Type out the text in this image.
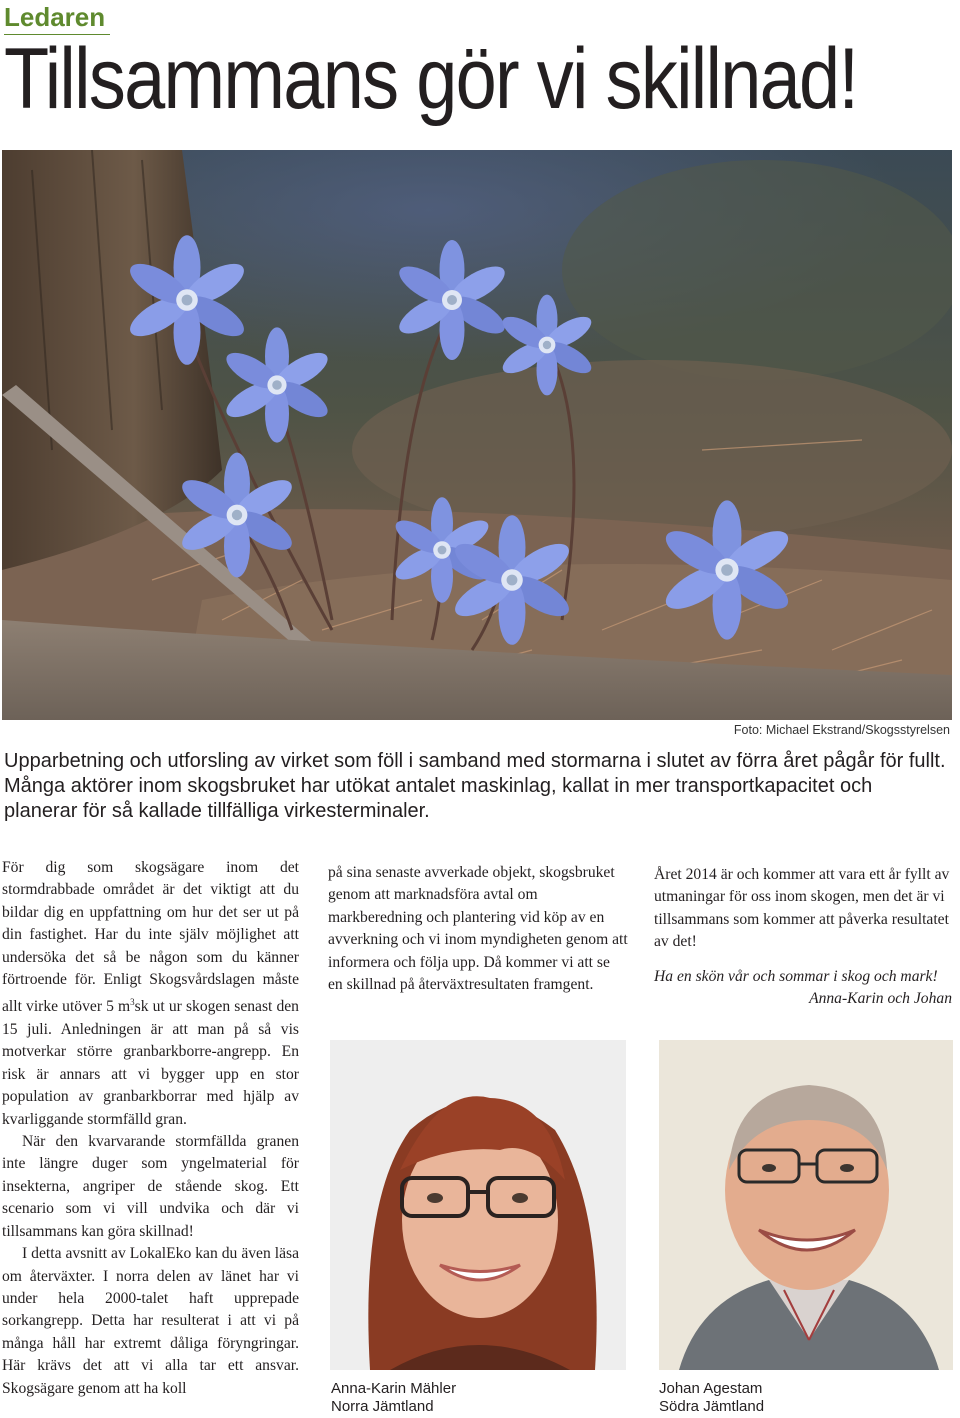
Ledaren
Tillsammans gör vi skillnad!
Foto: Michael Ekstrand/Skogsstyrelsen

Upparbetning och utforsling av virket som föll i samband med stormarna i slutet av förra året pågår för fullt. Många aktörer inom skogsbruket har utökat antalet maskinlag, kallat in mer transportkapacitet och planerar för så kallade tillfälliga virkesterminaler.

För dig som skogsägare inom det stormdrabbade området är det viktigt att du bildar dig en uppfattning om hur det ser ut på din fastighet. Har du inte själv möjlighet att undersöka det så be någon som du känner förtroende för. Enligt Skogsvårdslagen måste allt virke utöver 5 $m^3sk$ ut ur skogen senast den 15 juli. Anledningen är att man på så vis motverkar större granbarkborre-angrepp. En risk är annars att vi bygger upp en stor population av granbarkborrar med hjälp av kvarliggande stormfälld gran.

När den kvarvarande stormfällda granen inte längre duger som yngelmaterial för insekterna, angriper de stående skog. Ett scenario som vi vill undvika och där vi tillsammans kan göra skillnad!

I detta avsnitt av LokalEko kan du även läsa om återväxter. I norra delen av länet har vi under hela 2000-talet haft upprepade sorkangrepp. Detta har resulterat i att vi på många håll har extremt dåliga föryngringar. Här krävs det att vi alla tar ett ansvar. Skogsägare genom att ha koll

på sina senaste avverkade objekt, skogsbruket genom att marknadsföra avtal om markberedning och plantering vid köp av en avverkning och vi inom myndigheten genom att informera och följa upp. Då kommer vi att se en skillnad på återväxtresultaten framgent.

Året 2014 är och kommer att vara ett år fyllt av utmaningar för oss inom skogen, men det är vi tillsammans som kommer att påverka resultatet av det!

Ha en skön vår och sommar i skog och mark!

Anna-Karin och Johan

Anna-Karin Mähler
Norra Jämtland
Johan Agestam
Södra Jämtland
